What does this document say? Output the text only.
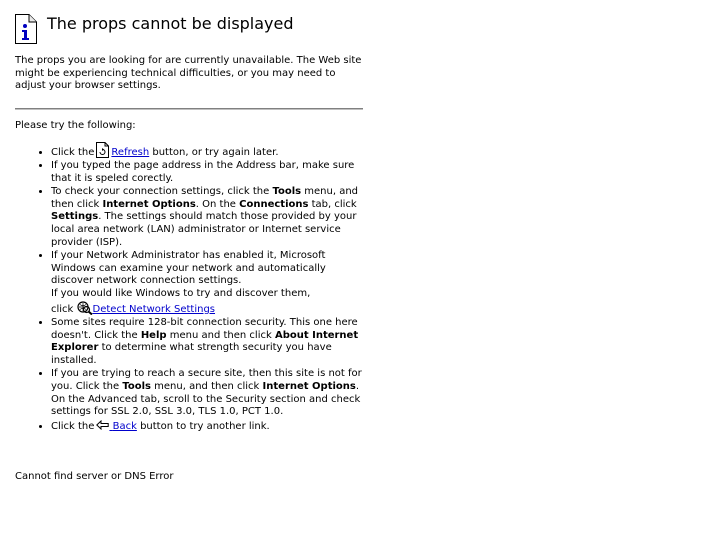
The props cannot be displayed

The props you are looking for are currently unavailable. The Web site might be experiencing technical difficulties, or you may need to adjust your browser settings.

Please try the following:

• Click the Refresh button, or try again later.
• If you typed the page address in the Address bar, make sure that it is speled corectly.
• To check your connection settings, click the Tools menu, and then click Internet Options. On the Connections tab, click Settings. The settings should match those provided by your local area network (LAN) administrator or Internet service provider (ISP).
• If your Network Administrator has enabled it, Microsoft Windows can examine your network and automatically discover network connection settings.
If you would like Windows to try and discover them,
click Detect Network Settings
• Some sites require 128-bit connection security. This one here doesn't. Click the Help menu and then click About Internet Explorer to determine what strength security you have installed.
• If you are trying to reach a secure site, then this site is not for you. Click the Tools menu, and then click Internet Options. On the Advanced tab, scroll to the Security section and check settings for SSL 2.0, SSL 3.0, TLS 1.0, PCT 1.0.
• Click the Back button to try another link.
Cannot find server or DNS Error
